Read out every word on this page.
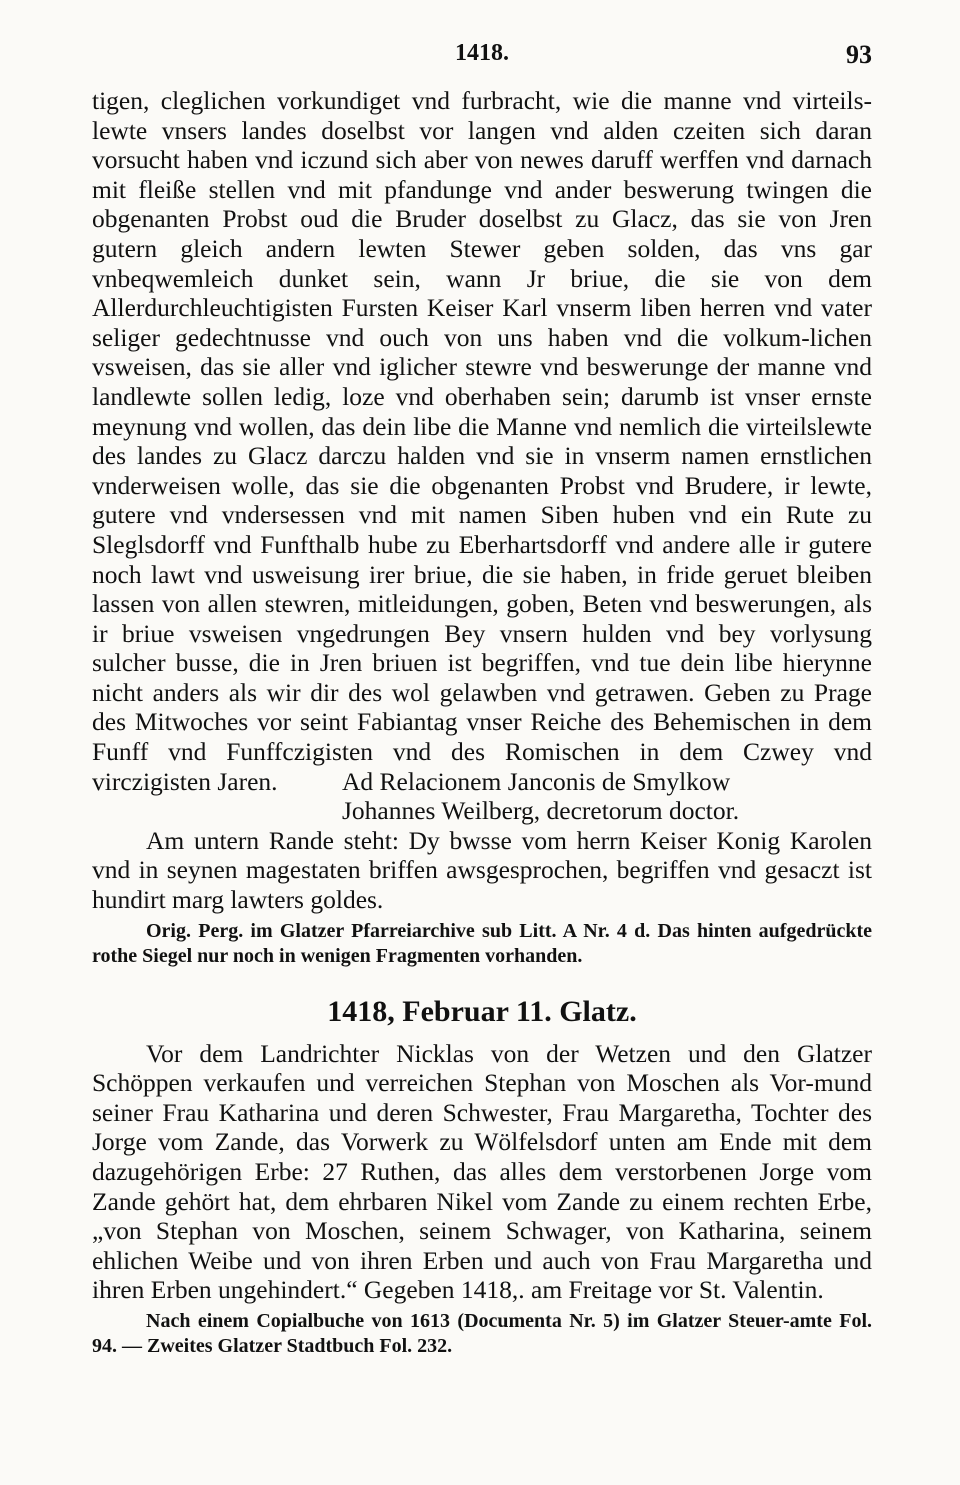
1418.	93

tigen, cleglichen vorkundiget vnd furbracht, wie die manne vnd virteils-lewte vnsers landes doselbst vor langen vnd alden czeiten sich daran vorsucht haben vnd iczund sich aber von newes daruff werffen vnd darnach mit fleiße stellen vnd mit pfandunge vnd ander beswerung twingen die obgenanten Probst oud die Bruder doselbst zu Glacz, das sie von Jren gutern gleich andern lewten Stewer geben solden, das vns gar vnbeqwemleich dunket sein, wann Jr briue, die sie von dem Allerdurchleuchtigisten Fursten Keiser Karl vnserm liben herren vnd vater seliger gedechtnusse vnd ouch von uns haben vnd die volkum-lichen vsweisen, das sie aller vnd iglicher stewre vnd beswerunge der manne vnd landlewte sollen ledig, loze vnd oberhaben sein; darumb ist vnser ernste meynung vnd wollen, das dein libe die Manne vnd nemlich die virteilslewte des landes zu Glacz darczu halden vnd sie in vnserm namen ernstlichen vnderweisen wolle, das sie die obgenanten Probst vnd Brudere, ir lewte, gutere vnd vndersessen vnd mit namen Siben huben vnd ein Rute zu Sleglsdorff vnd Funfthalb hube zu Eberhartsdorff vnd andere alle ir gutere noch lawt vnd usweisung irer briue, die sie haben, in fride geruet bleiben lassen von allen stewren, mitleidungen, goben, Beten vnd beswerungen, als ir briue vsweisen vngedrungen Bey vnsern hulden vnd bey vorlysung sulcher busse, die in Jren briuen ist begriffen, vnd tue dein libe hierynne nicht anders als wir dir des wol gelawben vnd getrawen. Geben zu Prage des Mitwoches vor seint Fabiantag vnser Reiche des Behemischen in dem Funff vnd Funffczigisten vnd des Romischen in dem Czwey vnd virczigisten Jaren.	Ad Relacionem Janconis de Smylkow
Johannes Weilberg, decretorum doctor.

Am untern Rande steht: Dy bwsse vom herrn Keiser Konig Karolen vnd in seynen magestaten briffen awsgesprochen, begriffen vnd gesaczt ist hundirt marg lawters goldes.

Orig. Perg. im Glatzer Pfarreiarchive sub Litt. A Nr. 4 d. Das hinten aufgedrückte rothe Siegel nur noch in wenigen Fragmenten vorhanden.

1418, Februar 11. Glatz.

Vor dem Landrichter Nicklas von der Wetzen und den Glatzer Schöppen verkaufen und verreichen Stephan von Moschen als Vor-mund seiner Frau Katharina und deren Schwester, Frau Margaretha, Tochter des Jorge vom Zande, das Vorwerk zu Wölfelsdorf unten am Ende mit dem dazugehörigen Erbe: 27 Ruthen, das alles dem verstorbenen Jorge vom Zande gehört hat, dem ehrbaren Nikel vom Zande zu einem rechten Erbe, „von Stephan von Moschen, seinem Schwager, von Katharina, seinem ehlichen Weibe und von ihren Erben und auch von Frau Margaretha und ihren Erben ungehindert.“ Gegeben 1418,. am Freitage vor St. Valentin.

Nach einem Copialbuche von 1613 (Documenta Nr. 5) im Glatzer Steuer-amte Fol. 94. — Zweites Glatzer Stadtbuch Fol. 232.
